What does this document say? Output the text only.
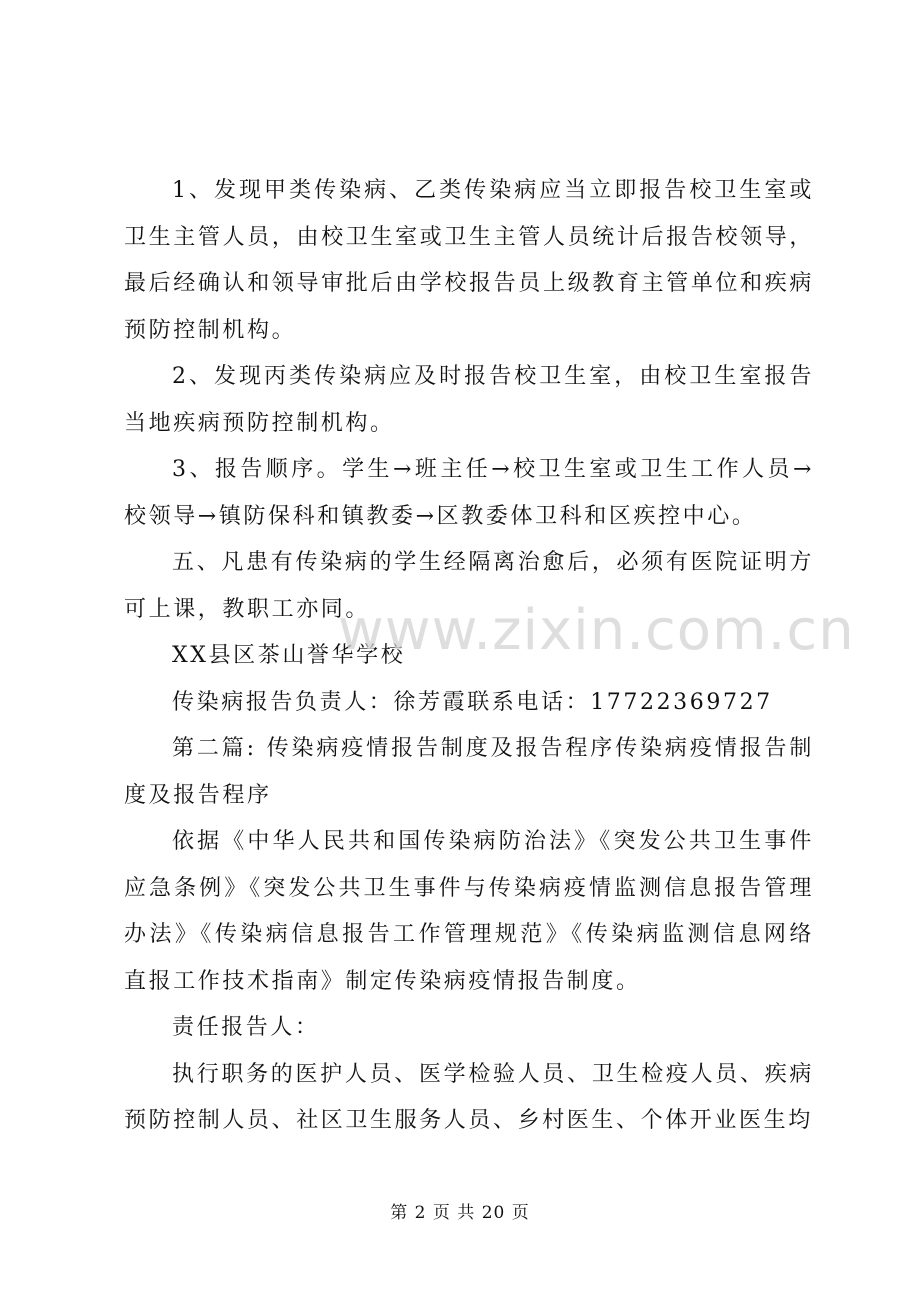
1、发现甲类传染病、乙类传染病应当立即报告校卫生室或卫生主管人员，由校卫生室或卫生主管人员统计后报告校领导，最后经确认和领导审批后由学校报告员上级教育主管单位和疾病预防控制机构。

2、发现丙类传染病应及时报告校卫生室，由校卫生室报告当地疾病预防控制机构。

3、报告顺序。学生→班主任→校卫生室或卫生工作人员→校领导→镇防保科和镇教委→区教委体卫科和区疾控中心。

五、凡患有传染病的学生经隔离治愈后，必须有医院证明方可上课，教职工亦同。

XX县区茶山誉华学校

传染病报告负责人：徐芳霞联系电话：17722369727

第二篇: 传染病疫情报告制度及报告程序传染病疫情报告制度及报告程序

依据《中华人民共和国传染病防治法》《突发公共卫生事件应急条例》《突发公共卫生事件与传染病疫情监测信息报告管理办法》《传染病信息报告工作管理规范》《传染病监测信息网络直报工作技术指南》制定传染病疫情报告制度。

责任报告人：

执行职务的医护人员、医学检验人员、卫生检疫人员、疾病预防控制人员、社区卫生服务人员、乡村医生、个体开业医生均

www.zixin.com.cn
第 2 页 共 20 页
